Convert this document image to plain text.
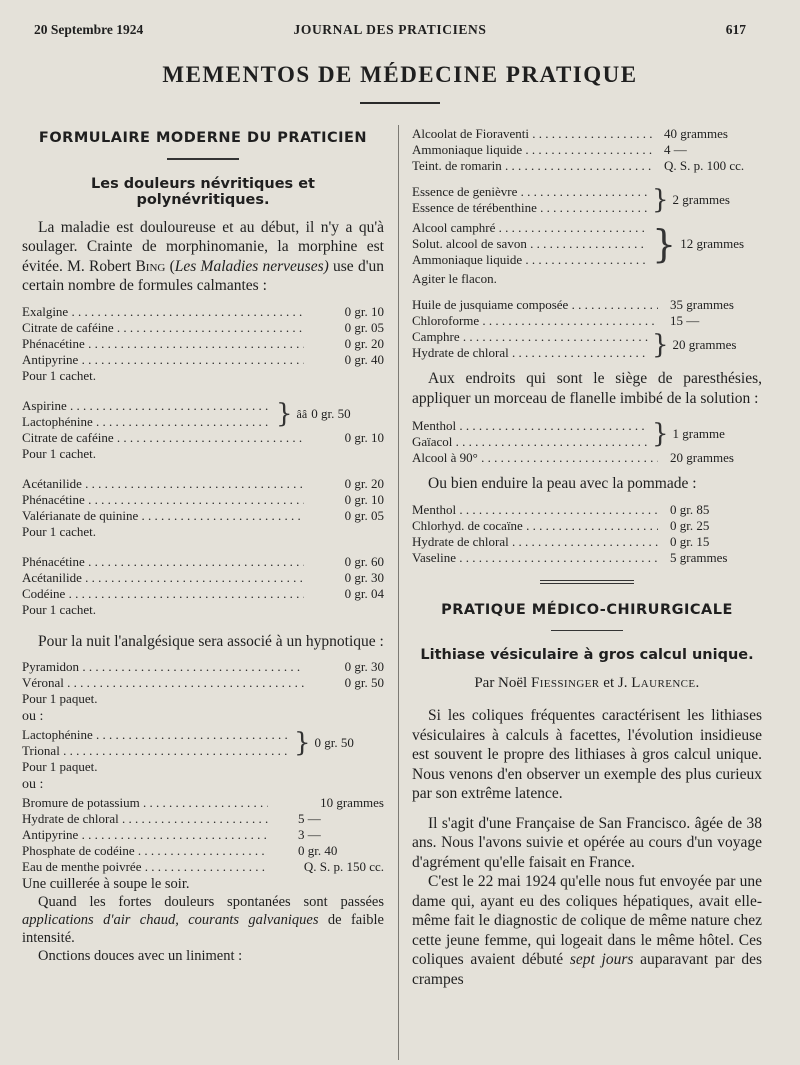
20 Septembre 1924	JOURNAL DES PRATICIENS	617
MEMENTOS DE MÉDECINE PRATIQUE
FORMULAIRE MODERNE DU PRATICIEN
Les douleurs névritiques et polynévritiques.

La maladie est douloureuse et au début, il n'y a qu'à soulager. Crainte de morphinomanie, la morphine est évitée. M. Robert Bing (Les Maladies nerveuses) use d'un certain nombre de formules calmantes :

Exalgine . . .	0 gr. 10
Citrate de caféine . . .	0 gr. 05
Phénacétine . . .	0 gr. 20
Antipyrine . . .	0 gr. 40
Pour 1 cachet.
Aspirine . . .
Lactophénine . . .	} ââ 0 gr. 50
Citrate de caféine . . .	0 gr. 10
Pour 1 cachet.
Acétanilide . . .	0 gr. 20
Phénacétine . . .	0 gr. 10
Valérianate de quinine . . .	0 gr. 05
Pour 1 cachet.
Phénacétine . . .	0 gr. 60
Acétanilide . . .	0 gr. 30
Codéine . . .	0 gr. 04
Pour 1 cachet.

Pour la nuit l'analgésique sera associé à un hypnotique :

Pyramidon . . .	0 gr. 30
Véronal . . .	0 gr. 50
Pour 1 paquet.
ou :
Lactophénine . . .
Trional . . .	} 0 gr. 50
Pour 1 paquet.
ou :
Bromure de potassium . . .	10 grammes
Hydrate de chloral . . .	5 —
Antipyrine . . .	3 —
Phosphate de codéine . . .	0 gr. 40
Eau de menthe poivrée . . .	Q. S. p. 150 cc.

Une cuillerée à soupe le soir.

Quand les fortes douleurs spontanées sont passées applications d'air chaud, courants galvaniques de faible intensité.

Onctions douces avec un liniment :

Alcoolat de Fioraventi . . .	40 grammes
Ammoniaque liquide . . .	4 —
Teint. de romarin . . .	Q. S. p. 100 cc.
Essence de genièvre . . .
Essence de térébenthine . . .	} 2 grammes
Alcool camphré . . .
Solut. alcool de savon . . .
Ammoniaque liquide . . .	} 12 grammes
Agiter le flacon.
Huile de jusquiame composée . . .	35 grammes
Chloroforme . . .	15 —
Camphre . . .
Hydrate de chloral . . .	} 20 grammes

Aux endroits qui sont le siège de paresthésies, appliquer un morceau de flanelle imbibé de la solution :

Menthol . . .
Gaïacol . . .	} 1 gramme
Alcool à 90° . . .	20 grammes

Ou bien enduire la peau avec la pommade :

Menthol . . .	0 gr. 85
Chlorhyd. de cocaïne . . .	0 gr. 25
Hydrate de chloral . . .	0 gr. 15
Vaseline . . .	5 grammes
PRATIQUE MÉDICO-CHIRURGICALE
Lithiase vésiculaire à gros calcul unique.
Par Noël Fiessinger et J. Laurence.

Si les coliques fréquentes caractérisent les lithiases vésiculaires à calculs à facettes, l'évolution insidieuse est souvent le propre des lithiases à gros calcul unique. Nous venons d'en observer un exemple des plus curieux par son extrême latence.

Il s'agit d'une Française de San Francisco. âgée de 38 ans. Nous l'avons suivie et opérée au cours d'un voyage d'agrément qu'elle faisait en France.

C'est le 22 mai 1924 qu'elle nous fut envoyée par une dame qui, ayant eu des coliques hépatiques, avait elle-même fait le diagnostic de colique de même nature chez cette jeune femme, qui logeait dans le même hôtel. Ces coliques avaient débuté sept jours auparavant par des crampes
